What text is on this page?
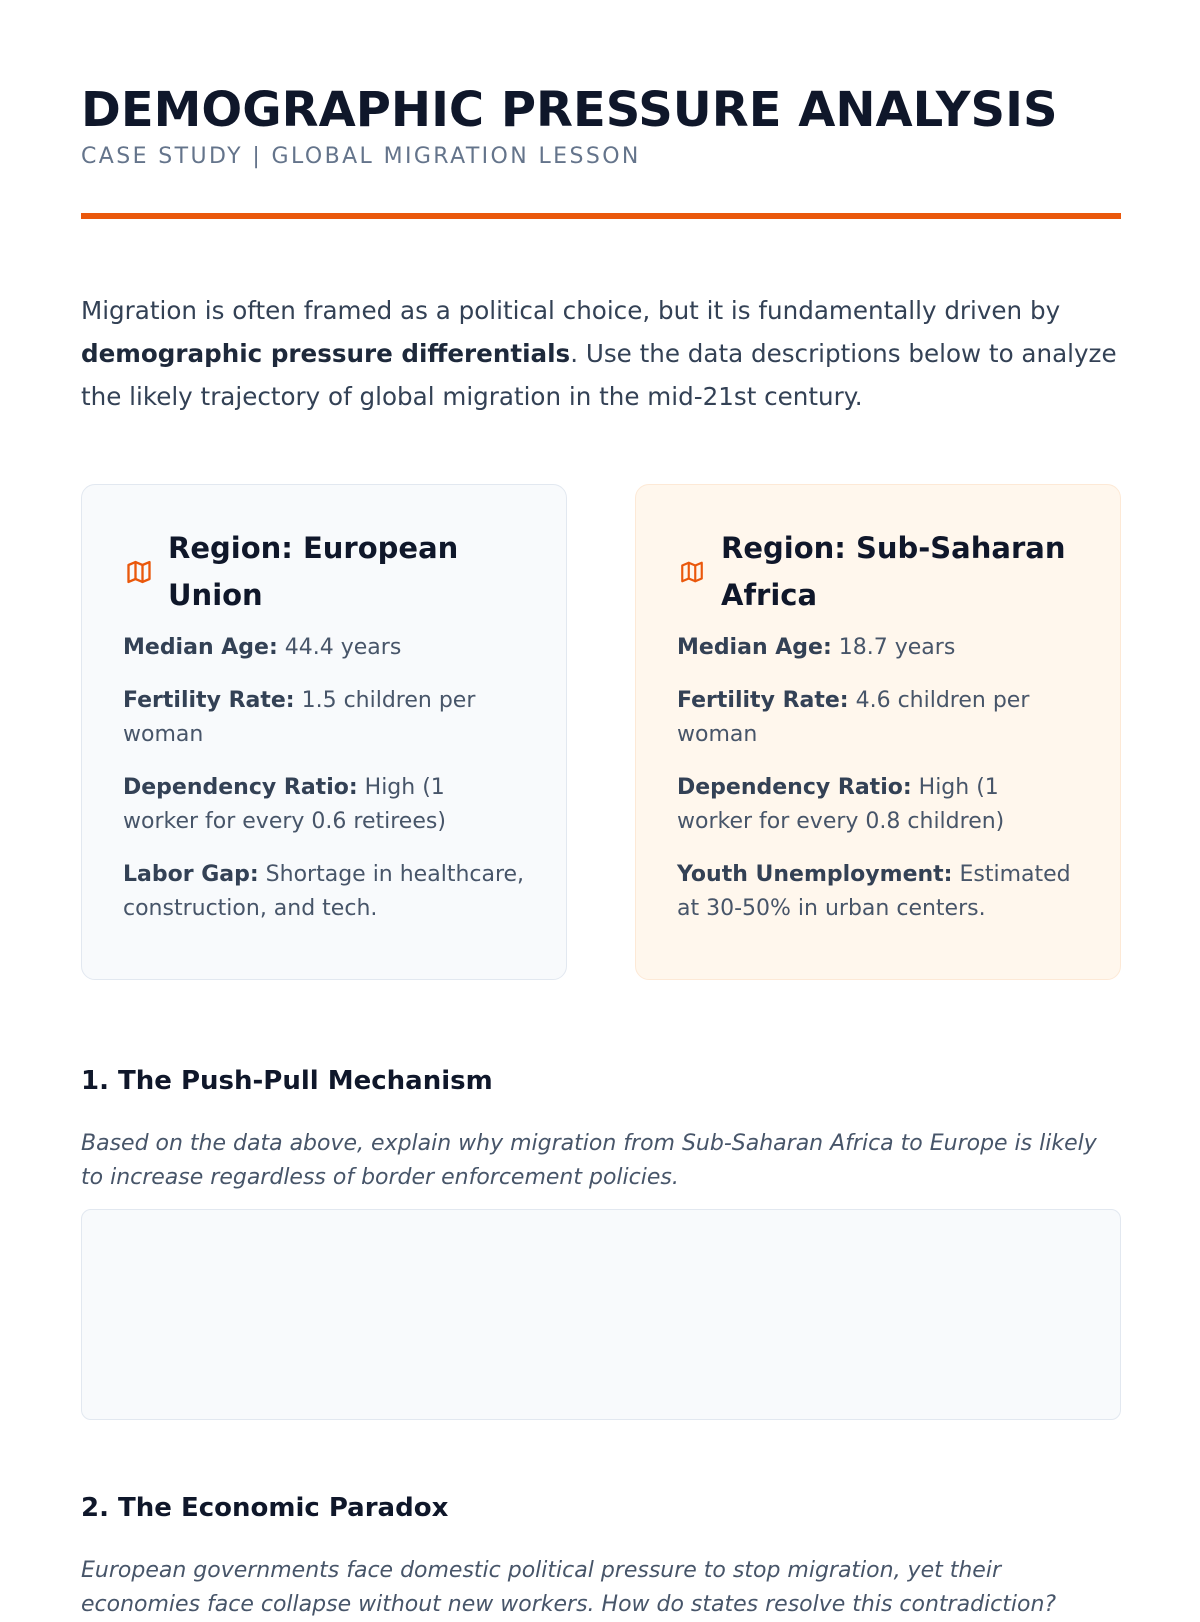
DEMOGRAPHIC PRESSURE ANALYSIS
CASE STUDY | GLOBAL MIGRATION LESSON

Migration is often framed as a political choice, but it is fundamentally driven by demographic pressure differentials. Use the data descriptions below to analyze the likely trajectory of global migration in the mid-21st century.

Region: European Union

Median Age: 44.4 years

Fertility Rate: 1.5 children per woman

Dependency Ratio: High (1 worker for every 0.6 retirees)

Labor Gap: Shortage in healthcare, construction, and tech.

Region: Sub-Saharan Africa

Median Age: 18.7 years

Fertility Rate: 4.6 children per woman

Dependency Ratio: High (1 worker for every 0.8 children)

Youth Unemployment: Estimated at 30-50% in urban centers.

1. The Push-Pull Mechanism

Based on the data above, explain why migration from Sub-Saharan Africa to Europe is likely to increase regardless of border enforcement policies.

2. The Economic Paradox

European governments face domestic political pressure to stop migration, yet their economies face collapse without new workers. How do states resolve this contradiction?
